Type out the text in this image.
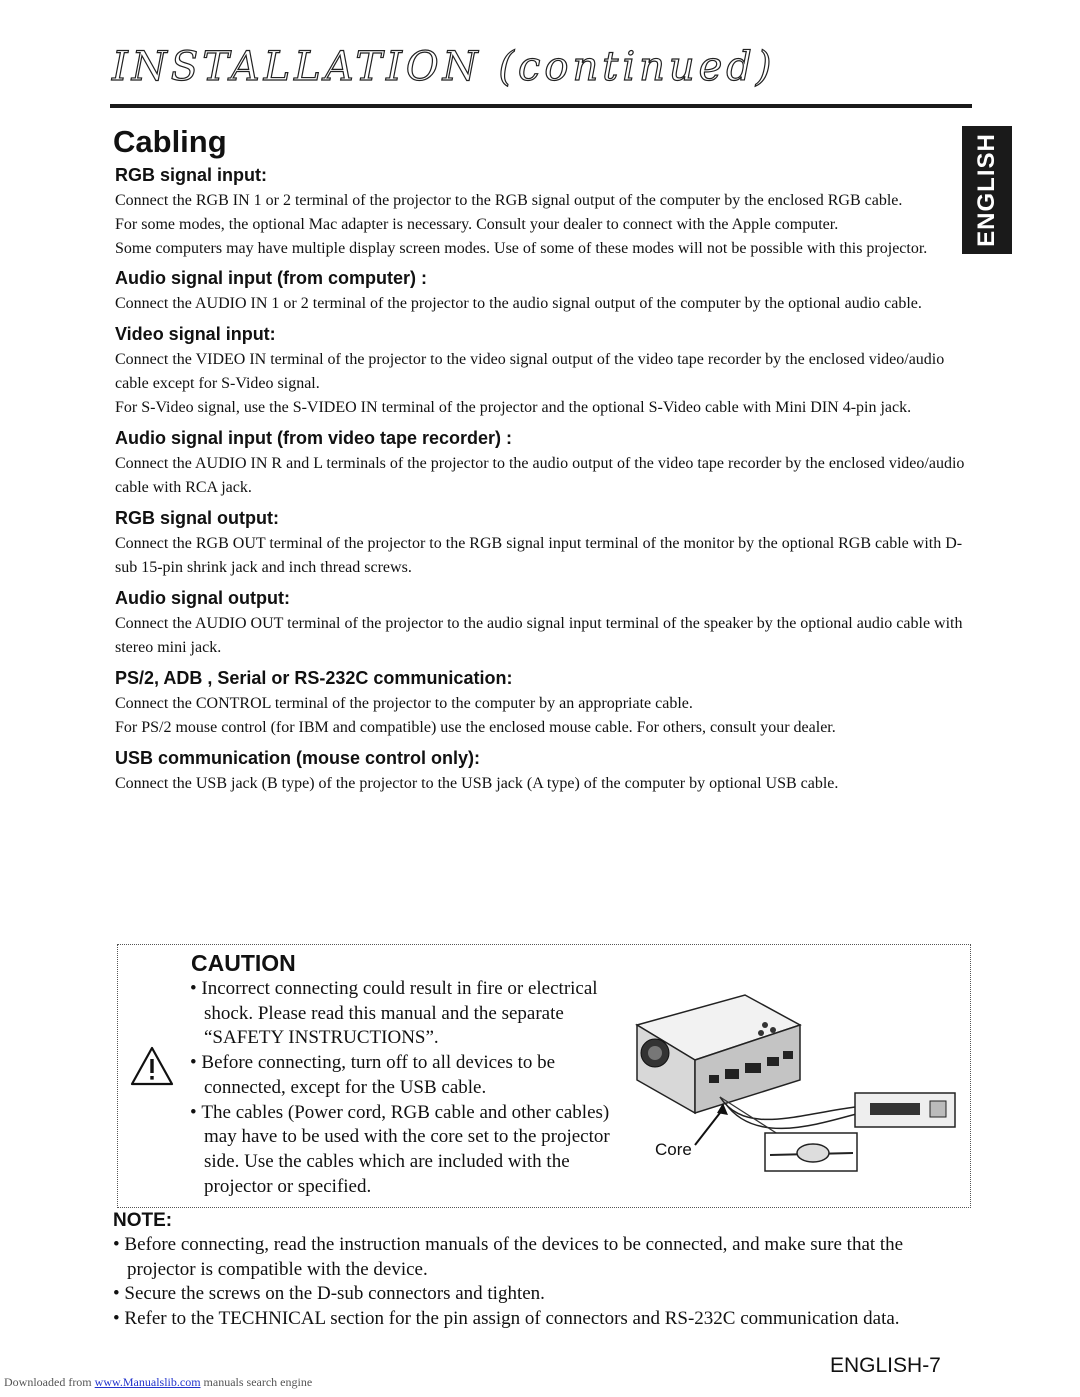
INSTALLATION (continued)
ENGLISH
Cabling
RGB signal input:

Connect the RGB IN 1 or 2 terminal of the projector to the RGB signal output of the computer by the enclosed RGB cable.

For some modes, the optional Mac adapter is necessary. Consult your dealer to connect with the Apple computer.

Some computers may have multiple display screen modes. Use of some of these modes will not be possible with this projector.

Audio signal input (from computer) :

Connect the AUDIO IN 1 or 2 terminal of the projector to the audio signal output of the computer by the optional audio cable.

Video signal input:

Connect the VIDEO IN terminal of the projector to the video signal output of the video tape recorder by the enclosed video/audio cable except for S-Video signal.

For S-Video signal, use the S-VIDEO IN terminal of the projector and the optional S-Video cable with Mini DIN 4-pin jack.

Audio signal input (from video tape recorder) :

Connect the AUDIO IN R and L terminals of the projector to the audio output of the video tape recorder by the enclosed video/audio cable with RCA jack.

RGB signal output:

Connect the RGB OUT terminal of the projector to the RGB signal input terminal of the monitor by the optional RGB cable with D-sub 15-pin shrink jack and inch thread screws.

Audio signal output:

Connect the AUDIO OUT terminal of the projector to the audio signal input terminal of the speaker by the optional audio cable with stereo mini jack.

PS/2, ADB , Serial or RS-232C communication:

Connect the CONTROL terminal of the projector to the computer by an appropriate cable.

For PS/2 mouse control (for IBM and compatible) use the enclosed mouse cable. For others, consult your dealer.

USB communication (mouse control only):

Connect the USB jack (B type) of the projector to the USB jack (A type) of the computer by optional USB cable.

CAUTION
• Incorrect connecting could result in fire or electrical shock. Please read this manual and the separate “SAFETY INSTRUCTIONS”.
• Before connecting, turn off to all devices to be connected, except for the USB cable.
• The cables (Power cord, RGB cable and other cables) may have to be used with the core set to the projector side. Use the cables which are included with the projector or specified.
Core
NOTE:
• Before connecting, read the instruction manuals of the devices to be connected, and make sure that the projector is compatible with the device.
• Secure the screws on the D-sub connectors and tighten.
• Refer to the TECHNICAL section for the pin assign of connectors and RS-232C communication data.
ENGLISH-7
Downloaded from www.Manualslib.com manuals search engine
